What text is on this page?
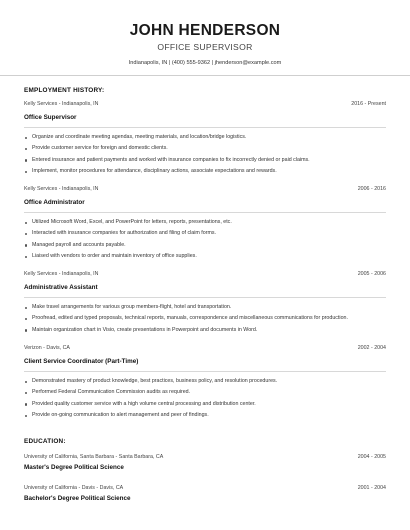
JOHN HENDERSON
OFFICE SUPERVISOR
Indianapolis, IN | (400) 555-9362 | jhenderson@example.com
EMPLOYMENT HISTORY:
Kelly Services - Indianapolis, IN	2016 - Present
Office Supervisor
Organize and coordinate meeting agendas, meeting materials, and location/bridge logistics.
Provide customer service for foreign and domestic clients.
Entered insurance and patient payments and worked with insurance companies to fix incorrectly denied or paid claims.
Implement, monitor procedures for attendance, disciplinary actions, associate expectations and rewards.
Kelly Services - Indianapolis, IN	2006 - 2016
Office Administrator
Utilized Microsoft Word, Excel, and PowerPoint for letters, reports, presentations, etc.
Interacted with insurance companies for authorization and filing of claim forms.
Managed payroll and accounts payable.
Liaised with vendors to order and maintain inventory of office supplies.
Kelly Services - Indianapolis, IN	2005 - 2006
Administrative Assistant
Make travel arrangements for various group members-flight, hotel and transportation.
Proofread, edited and typed proposals, technical reports, manuals, correspondence and miscellaneous communications for production.
Maintain organization chart in Visio, create presentations in Powerpoint and documents in Word.
Verizon - Davis, CA	2002 - 2004
Client Service Coordinator (Part-Time)
Demonstrated mastery of product knowledge, best practices, business policy, and resolution procedures.
Performed Federal Communication Commission audits as required.
Provided quality customer service with a high volume central processing and distribution center.
Provide on-going communication to alert management and peer of findings.
EDUCATION:
University of California, Santa Barbara - Santa Barbara, CA	2004 - 2005
Master's Degree Political Science
University of California - Davis - Davis, CA	2001 - 2004
Bachelor's Degree Political Science
